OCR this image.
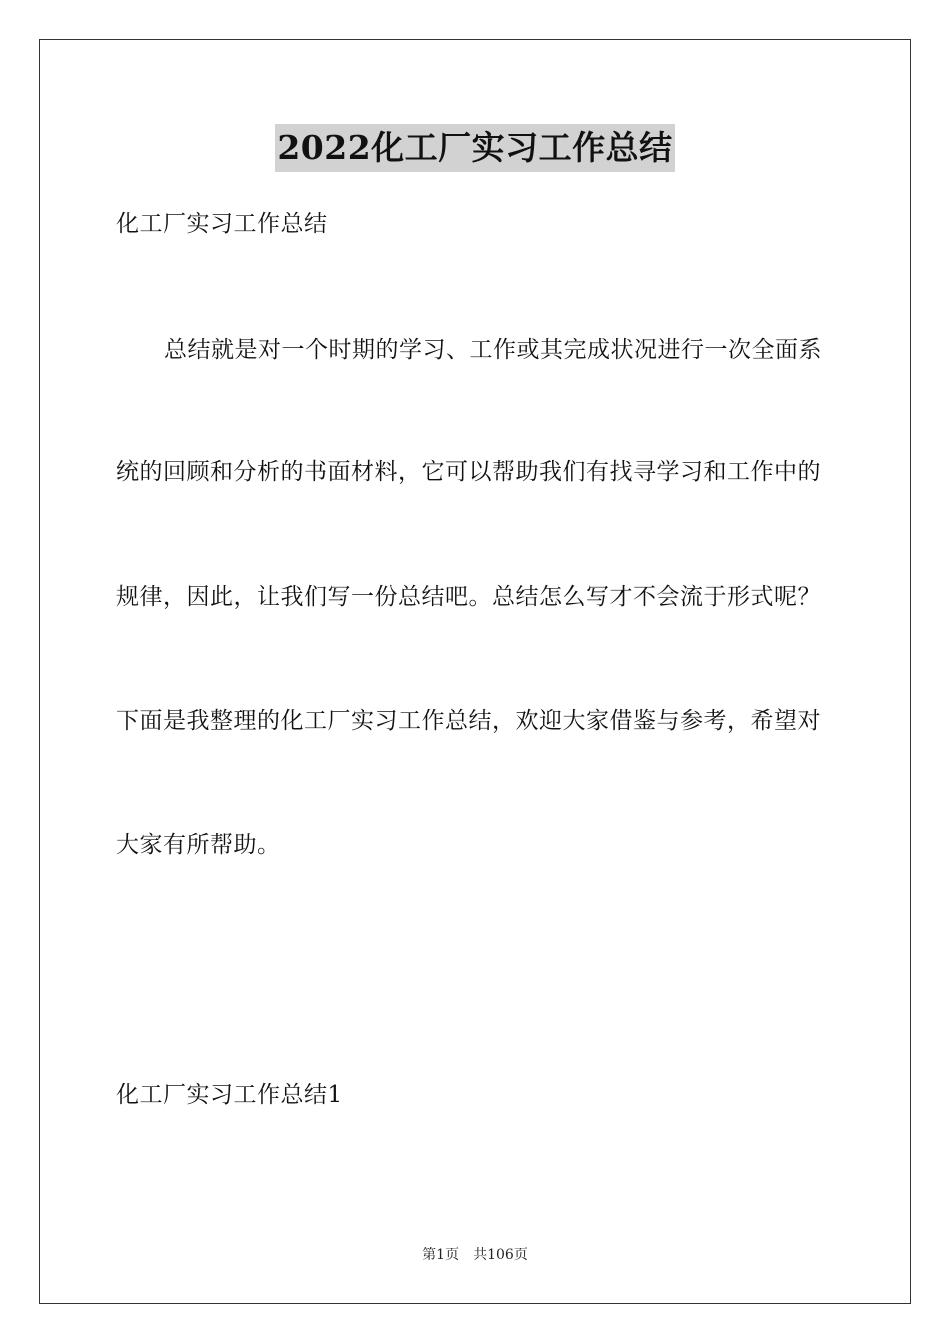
2022化工厂实习工作总结
化工厂实习工作总结
总结就是对一个时期的学习、工作或其完成状况进行一次全面系
统的回顾和分析的书面材料，它可以帮助我们有找寻学习和工作中的
规律，因此，让我们写一份总结吧。总结怎么写才不会流于形式呢？
下面是我整理的化工厂实习工作总结，欢迎大家借鉴与参考，希望对
大家有所帮助。
化工厂实习工作总结1
第1页 共106页
